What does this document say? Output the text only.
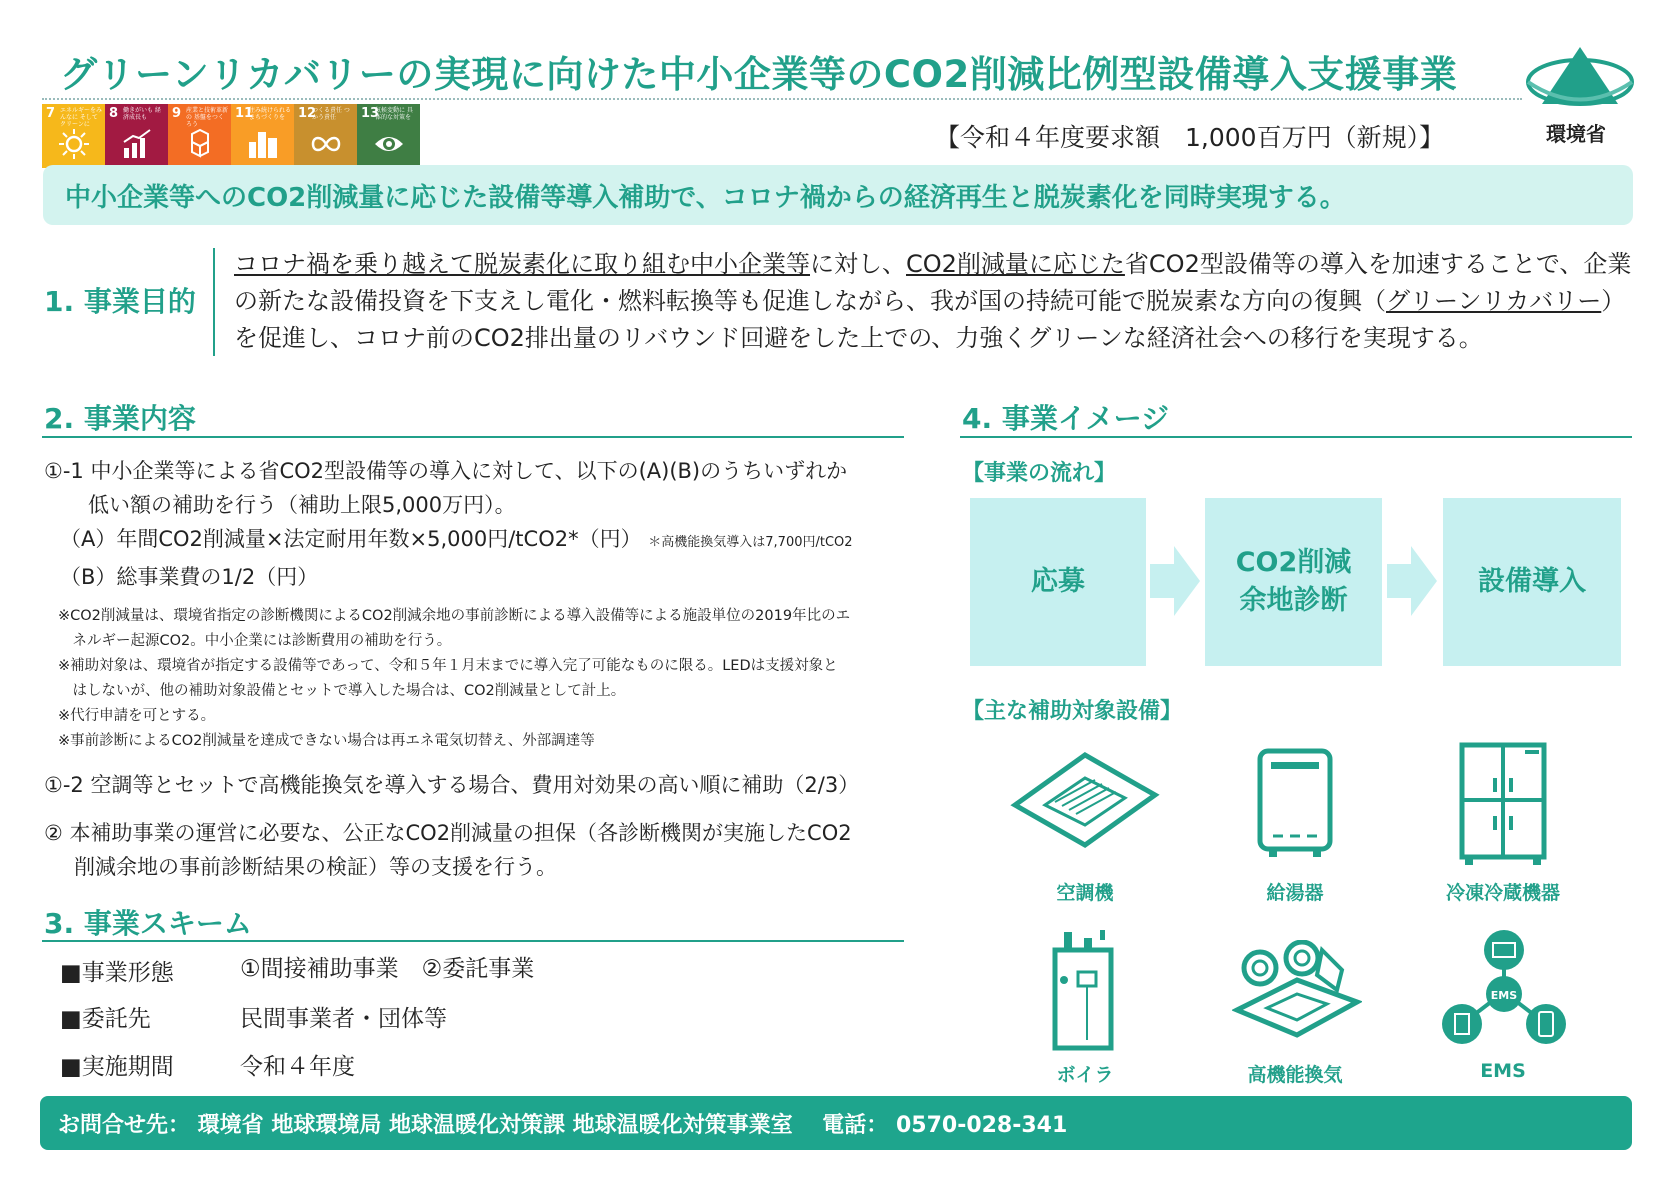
グリーンリカバリーの実現に向けた中小企業等のCO2削減比例型設備導入支援事業
環境省
7 エネルギーをみんなに そしてクリーンに
8 働きがいも 経済成長も	9 産業と技術革新の 基盤をつくろう
11
住み続けられる まちづくりを	12
つくる責任 つかう責任	13
気候変動に 具体的な対策を
【令和４年度要求額　1,000百万円（新規）】
中小企業等へのCO2削減量に応じた設備等導入補助で、コロナ禍からの経済再生と脱炭素化を同時実現する。
1. 事業目的
コロナ禍を乗り越えて脱炭素化に取り組む中小企業等に対し、CO2削減量に応じた省CO2型設備等の導入を加速することで、企業の新たな設備投資を下支えし電化・燃料転換等も促進しながら、我が国の持続可能で脱炭素な方向の復興（グリーンリカバリー）を促進し、コロナ前のCO2排出量のリバウンド回避をした上での、力強くグリーンな経済社会への移行を実現する。
2. 事業内容
①-1 中小企業等による省CO2型設備等の導入に対して、以下の(A)(B)のうちいずれか
低い額の補助を行う（補助上限5,000万円）。
（A）年間CO2削減量×法定耐用年数×5,000円/tCO2*（円） ＊高機能換気導入は7,700円/tCO2
（B）総事業費の1/2（円）
※CO2削減量は、環境省指定の診断機関によるCO2削減余地の事前診断による導入設備等による施設単位の2019年比のエ
　ネルギー起源CO2。中小企業には診断費用の補助を行う。
※補助対象は、環境省が指定する設備等であって、令和５年１月末までに導入完了可能なものに限る。LEDは支援対象と
　はしないが、他の補助対象設備とセットで導入した場合は、CO2削減量として計上。
※代行申請を可とする。
※事前診断によるCO2削減量を達成できない場合は再エネ電気切替え、外部調達等
①-2 空調等とセットで高機能換気を導入する場合、費用対効果の高い順に補助（2/3）
② 本補助事業の運営に必要な、公正なCO2削減量の担保（各診断機関が実施したCO2
削減余地の事前診断結果の検証）等の支援を行う。
3. 事業スキーム
■事業形態	①間接補助事業　②委託事業
■委託先	民間事業者・団体等
■実施期間	令和４年度
4. 事業イメージ
【事業の流れ】
応募
CO2削減
余地診断
設備導入
【主な補助対象設備】
EMS
空調機	給湯器	冷凍冷蔵機器
ボイラ	高機能換気	EMS
お問合せ先： 環境省 地球環境局 地球温暖化対策課 地球温暖化対策事業室　 電話： 0570-028-341
